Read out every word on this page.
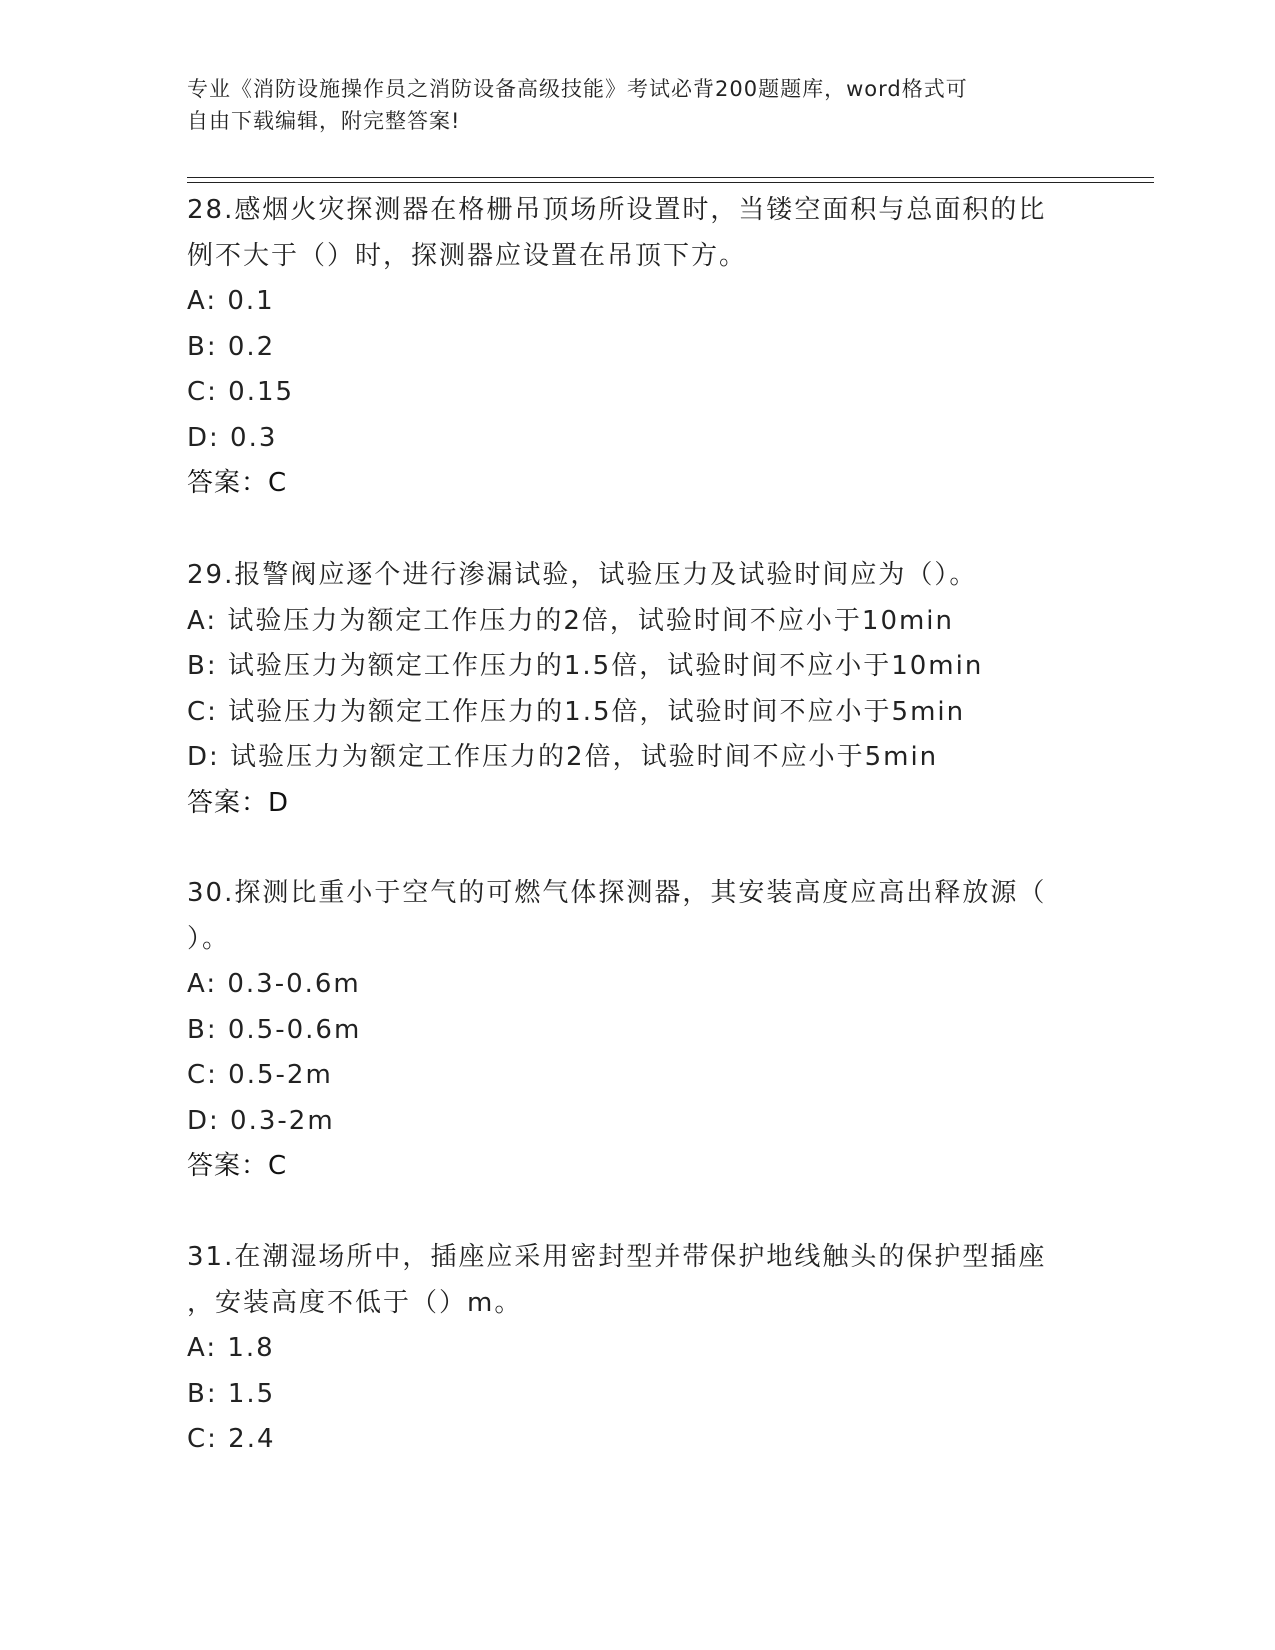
专业《消防设施操作员之消防设备高级技能》考试必背200题题库，word格式可
自由下载编辑，附完整答案!
28.感烟火灾探测器在格栅吊顶场所设置时，当镂空面积与总面积的比
例不大于（）时，探测器应设置在吊顶下方。
A: 0.1
B: 0.2
C: 0.15
D: 0.3
答案：C
29.报警阀应逐个进行渗漏试验，试验压力及试验时间应为（）。
A: 试验压力为额定工作压力的2倍，试验时间不应小于10min
B: 试验压力为额定工作压力的1.5倍，试验时间不应小于10min
C: 试验压力为额定工作压力的1.5倍，试验时间不应小于5min
D: 试验压力为额定工作压力的2倍，试验时间不应小于5min
答案：D
30.探测比重小于空气的可燃气体探测器，其安装高度应高出释放源（
）。
A: 0.3-0.6m
B: 0.5-0.6m
C: 0.5-2m
D: 0.3-2m
答案：C
31.在潮湿场所中，插座应采用密封型并带保护地线触头的保护型插座
，安装高度不低于（）m。
A: 1.8
B: 1.5
C: 2.4
